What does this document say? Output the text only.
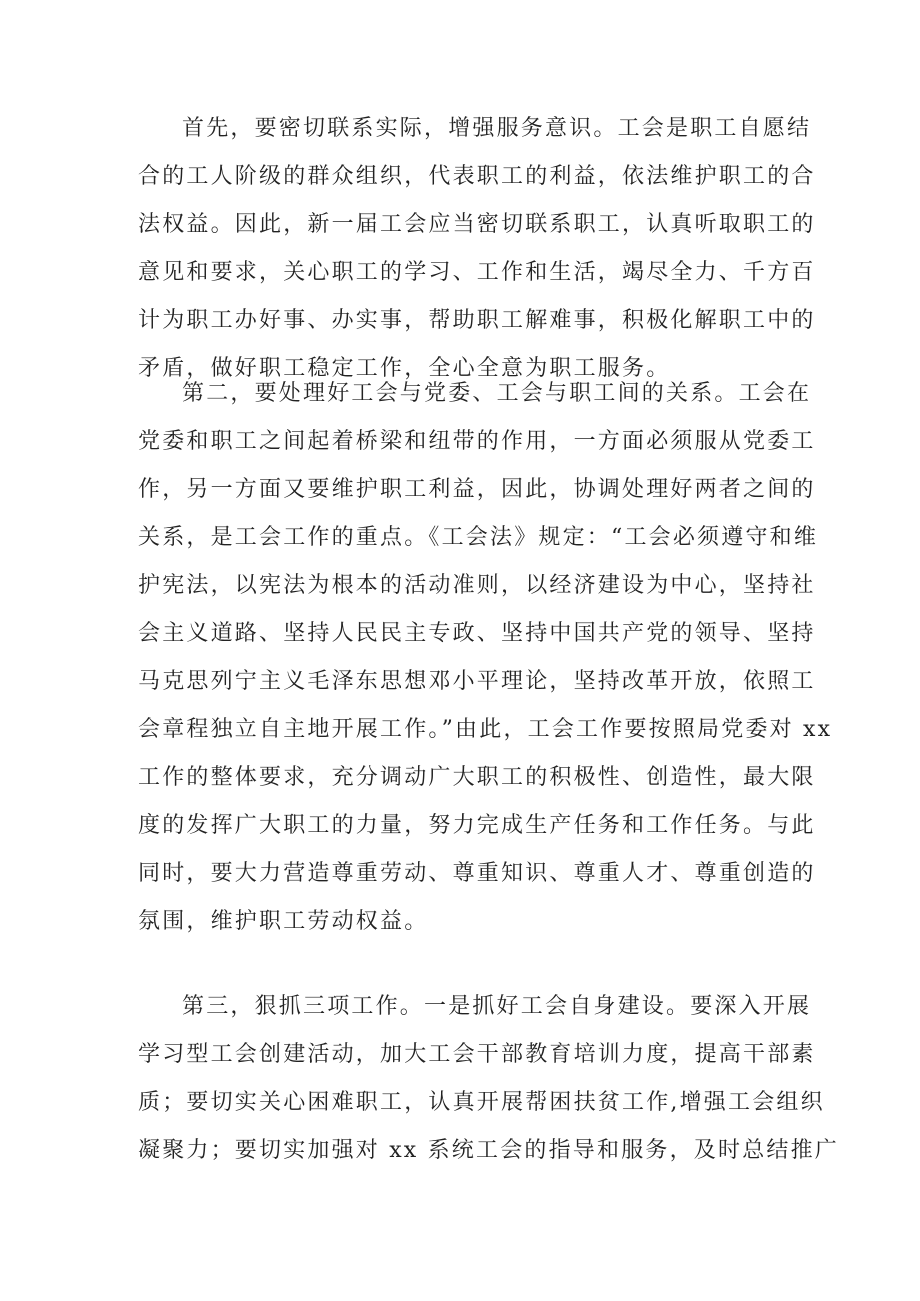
首先，要密切联系实际，增强服务意识。工会是职工自愿结
合的工人阶级的群众组织，代表职工的利益，依法维护职工的合
法权益。因此，新一届工会应当密切联系职工，认真听取职工的
意见和要求，关心职工的学习、工作和生活，竭尽全力、千方百
计为职工办好事、办实事，帮助职工解难事，积极化解职工中的
矛盾，做好职工稳定工作，全心全意为职工服务。
第二，要处理好工会与党委、工会与职工间的关系。工会在
党委和职工之间起着桥梁和纽带的作用，一方面必须服从党委工
作，另一方面又要维护职工利益，因此，协调处理好两者之间的
关系，是工会工作的重点。《工会法》规定：“工会必须遵守和维
护宪法，以宪法为根本的活动准则，以经济建设为中心，坚持社
会主义道路、坚持人民民主专政、坚持中国共产党的领导、坚持
马克思列宁主义毛泽东思想邓小平理论，坚持改革开放，依照工
会章程独立自主地开展工作。”由此，工会工作要按照局党委对 xx
工作的整体要求，充分调动广大职工的积极性、创造性，最大限
度的发挥广大职工的力量，努力完成生产任务和工作任务。与此
同时，要大力营造尊重劳动、尊重知识、尊重人才、尊重创造的
氛围，维护职工劳动权益。
第三，狠抓三项工作。一是抓好工会自身建设。要深入开展
学习型工会创建活动，加大工会干部教育培训力度，提高干部素
质；要切实关心困难职工，认真开展帮困扶贫工作,增强工会组织
凝聚力；要切实加强对 xx 系统工会的指导和服务，及时总结推广
